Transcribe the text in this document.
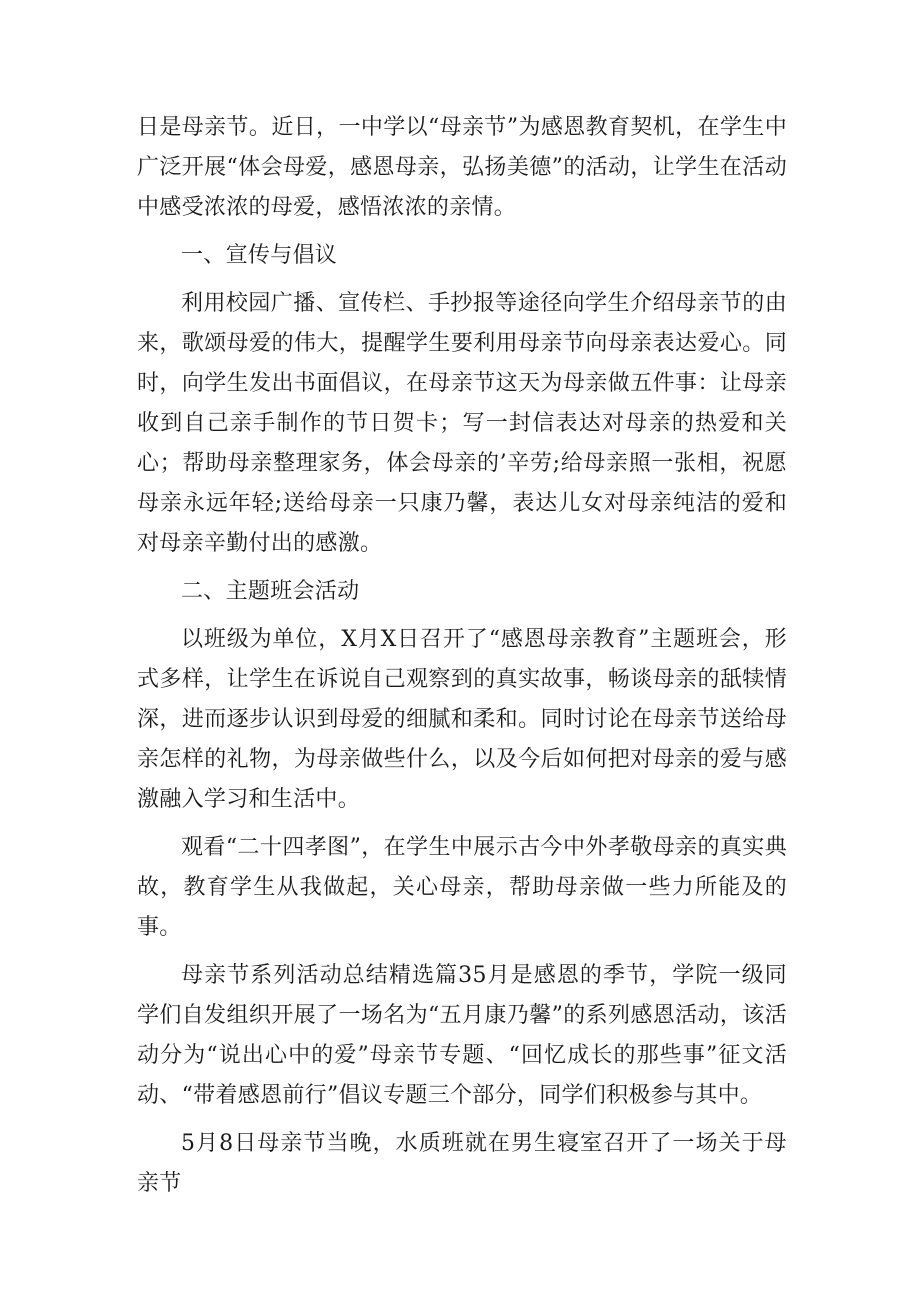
日是母亲节。近日，一中学以“母亲节”为感恩教育契机，在学生中广泛开展“体会母爱，感恩母亲，弘扬美德”的活动，让学生在活动中感受浓浓的母爱，感悟浓浓的亲情。

一、宣传与倡议

利用校园广播、宣传栏、手抄报等途径向学生介绍母亲节的由来，歌颂母爱的伟大，提醒学生要利用母亲节向母亲表达爱心。同时，向学生发出书面倡议，在母亲节这天为母亲做五件事：让母亲收到自己亲手制作的节日贺卡；写一封信表达对母亲的热爱和关心；帮助母亲整理家务，体会母亲的’辛劳;给母亲照一张相，祝愿母亲永远年轻;送给母亲一只康乃馨，表达儿女对母亲纯洁的爱和对母亲辛勤付出的感激。

二、主题班会活动

以班级为单位，X月X日召开了“感恩母亲教育”主题班会，形式多样，让学生在诉说自己观察到的真实故事，畅谈母亲的舐犊情深，进而逐步认识到母爱的细腻和柔和。同时讨论在母亲节送给母亲怎样的礼物，为母亲做些什么，以及今后如何把对母亲的爱与感激融入学习和生活中。

观看“二十四孝图”，在学生中展示古今中外孝敬母亲的真实典故，教育学生从我做起，关心母亲，帮助母亲做一些力所能及的事。

母亲节系列活动总结精选篇35月是感恩的季节，学院一级同学们自发组织开展了一场名为“五月康乃馨”的系列感恩活动，该活动分为“说出心中的爱”母亲节专题、“回忆成长的那些事”征文活动、“带着感恩前行”倡议专题三个部分，同学们积极参与其中。

5月8日母亲节当晚，水质班就在男生寝室召开了一场关于母亲节
